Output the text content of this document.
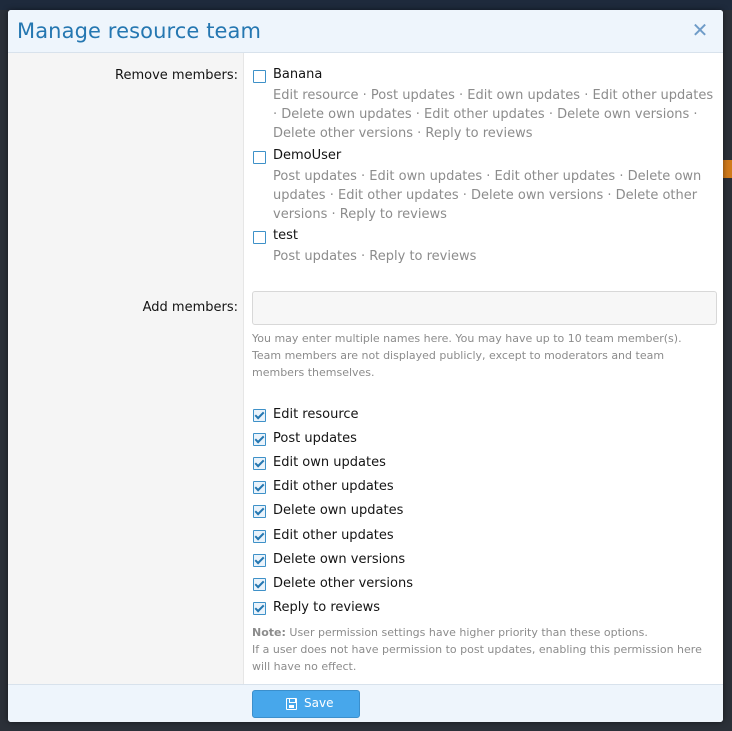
Manage resource team	✕
Remove members:	Banana
Edit resource · Post updates · Edit own updates · Edit other updates · Delete own updates · Edit other updates · Delete own versions · Delete other versions · Reply to reviews
DemoUser
Post updates · Edit own updates · Edit other updates · Delete own updates · Edit other updates · Delete own versions · Delete other versions · Reply to reviews
test
Post updates · Reply to reviews
Add members:
You may enter multiple names here. You may have up to 10 team member(s). Team members are not displayed publicly, except to moderators and team members themselves.
Edit resource
Post updates
Edit own updates
Edit other updates
Delete own updates
Edit other updates
Delete own versions
Delete other versions
Reply to reviews
Note: User permission settings have higher priority than these options.
If a user does not have permission to post updates, enabling this permission here will have no effect.
Save
